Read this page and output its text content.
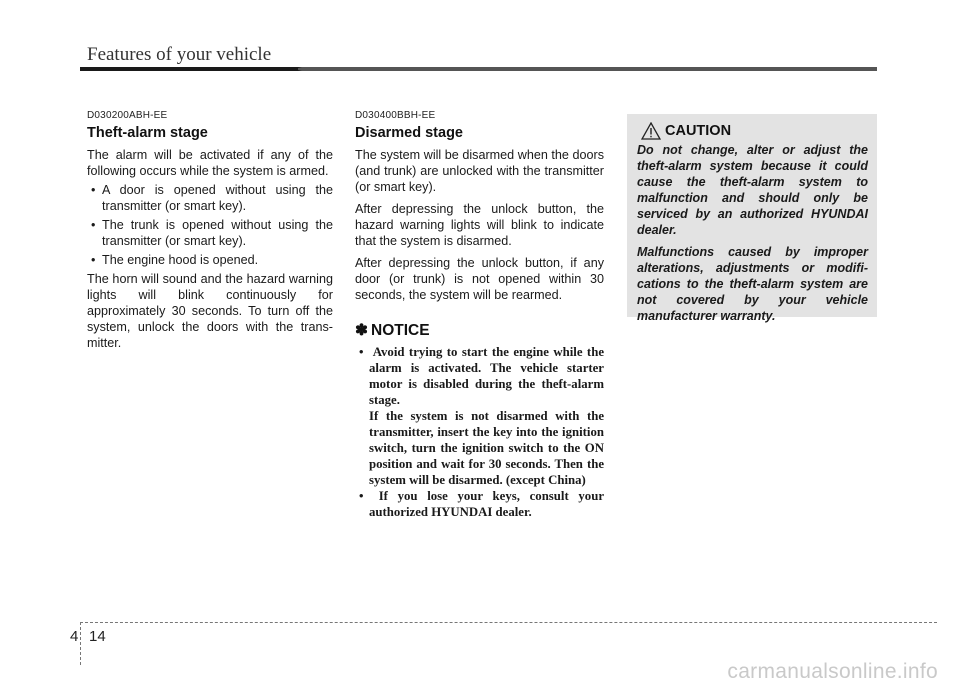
Features of your vehicle
D030200ABH-EE
Theft-alarm stage

The alarm will be activated if any of the following occurs while the system is armed.

• A door is opened without using the transmitter (or smart key).
• The trunk is opened without using the transmitter (or smart key).
• The engine hood is opened.

The horn will sound and the hazard warning lights will blink continuously for approximately 30 seconds. To turn off the system, unlock the doors with the trans- mitter.

D030400BBH-EE
Disarmed stage

The system will be disarmed when the doors (and trunk) are unlocked with the transmitter (or smart key).

After depressing the unlock button, the hazard warning lights will blink to indicate that the system is disarmed.

After depressing the unlock button, if any door (or trunk) is not opened within 30 seconds, the system will be rearmed.

✽ NOTICE
• Avoid trying to start the engine while the alarm is activated. The vehicle starter motor is disabled during the theft-alarm stage.
If the system is not disarmed with the transmitter, insert the key into the ignition switch, turn the ignition switch to the ON position and wait for 30 seconds. Then the system will be disarmed. (except China)
• If you lose your keys, consult your authorized HYUNDAI dealer.
CAUTION

Do not change, alter or adjust the theft-alarm system because it could cause the theft-alarm system to malfunction and should only be serviced by an authorized HYUNDAI dealer.

Malfunctions caused by improper alterations, adjustments or modifi- cations to the theft-alarm system are not covered by your vehicle manufacturer warranty.

4 14
carmanualsonline.info
